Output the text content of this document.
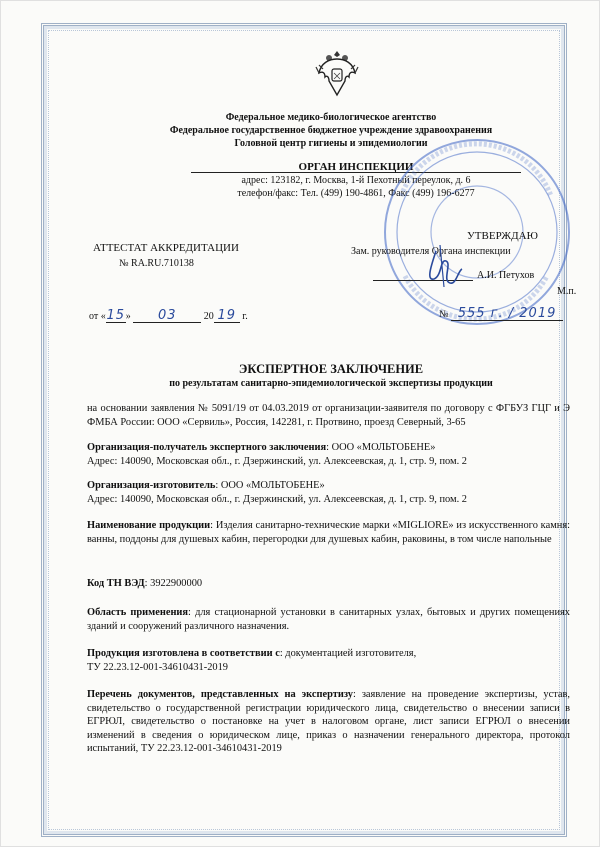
Федеральное медико-биологическое агентство

Федеральное государственное бюджетное учреждение здравоохранения

Головной центр гигиены и эпидемиологии

ОРГАН ИНСПЕКЦИИ

адрес: 123182, г. Москва, 1-й Пехотный переулок, д. 6

телефон/факс: Тел. (499) 190-4861, Факс (499) 196-6277

УТВЕРЖДАЮ

Зам. руководителя Органа инспекции

А.И. Петухов

М.п.

АТТЕСТАТ АККРЕДИТАЦИИ

№ RA.RU.710138

от «15» 03	20 19 г.	№ 555 г. / 2019

ЭКСПЕРТНОЕ ЗАКЛЮЧЕНИЕ

по результатам санитарно-эпидемиологической экспертизы продукции

на основании заявления № 5091/19 от 04.03.2019 от организации-заявителя по договору с ФГБУЗ ГЦГ и Э ФМБА России: ООО «Сервиль», Россия, 142281, г. Протвино, проезд Северный, 3-65

Организация-получатель экспертного заключения: ООО «МОЛЬТОБЕНЕ»
Адрес: 140090, Московская обл., г. Дзержинский, ул. Алексеевская, д. 1, стр. 9, пом. 2

Организация-изготовитель: ООО «МОЛЬТОБЕНЕ»
Адрес: 140090, Московская обл., г. Дзержинский, ул. Алексеевская, д. 1, стр. 9, пом. 2

Наименование продукции: Изделия санитарно-технические марки «MIGLIORE» из искусственного камня: ванны, поддоны для душевых кабин, перегородки для душевых кабин, раковины, в том числе напольные

Код ТН ВЭД: 3922900000

Область применения: для стационарной установки в санитарных узлах, бытовых и других помещениях зданий и сооружений различного назначения.

Продукция изготовлена в соответствии с: документацией изготовителя,
ТУ 22.23.12-001-34610431-2019

Перечень документов, представленных на экспертизу: заявление на проведение экспертизы, устав, свидетельство о государственной регистрации юридического лица, свидетельство о внесении записи в ЕГРЮЛ, свидетельство о постановке на учет в налоговом органе, лист записи ЕГРЮЛ о внесении изменений в сведения о юридическом лице, приказ о назначении генерального директора, протокол испытаний, ТУ 22.23.12-001-34610431-2019
